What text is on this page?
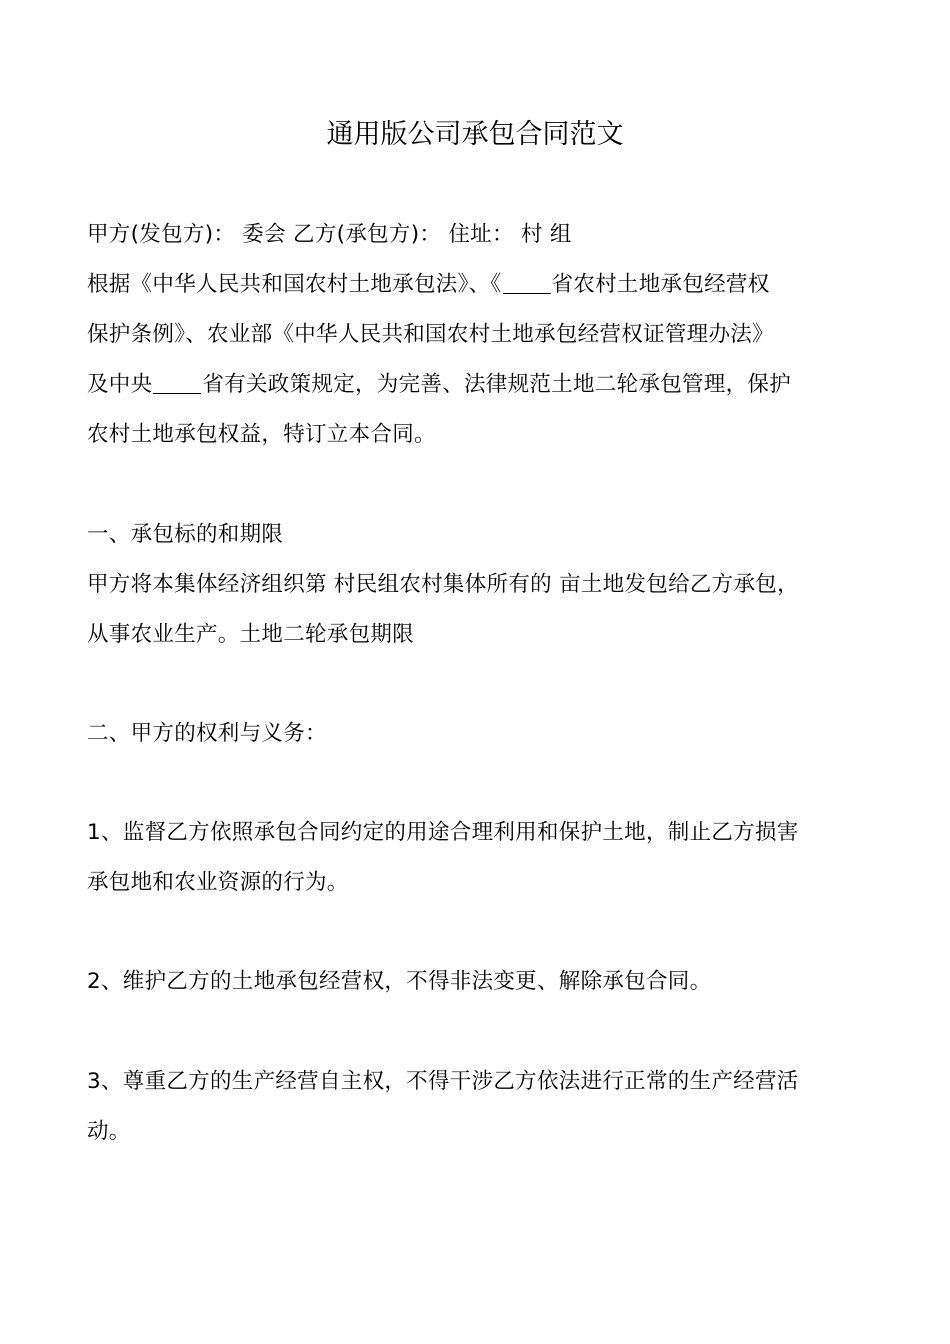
通用版公司承包合同范文
甲方(发包方)： 委会 乙方(承包方)： 住址： 村 组
根据《中华人民共和国农村土地承包法》、《 省农村土地承包经营权
保护条例》、农业部《中华人民共和国农村土地承包经营权证管理办法》
及中央 省有关政策规定，为完善、法律规范土地二轮承包管理，保护
农村土地承包权益，特订立本合同。
一、承包标的和期限
甲方将本集体经济组织第 村民组农村集体所有的 亩土地发包给乙方承包，
从事农业生产。土地二轮承包期限
二、甲方的权利与义务：
1、监督乙方依照承包合同约定的用途合理利用和保护土地，制止乙方损害
承包地和农业资源的行为。
2、维护乙方的土地承包经营权，不得非法变更、解除承包合同。
3、尊重乙方的生产经营自主权，不得干涉乙方依法进行正常的生产经营活
动。
